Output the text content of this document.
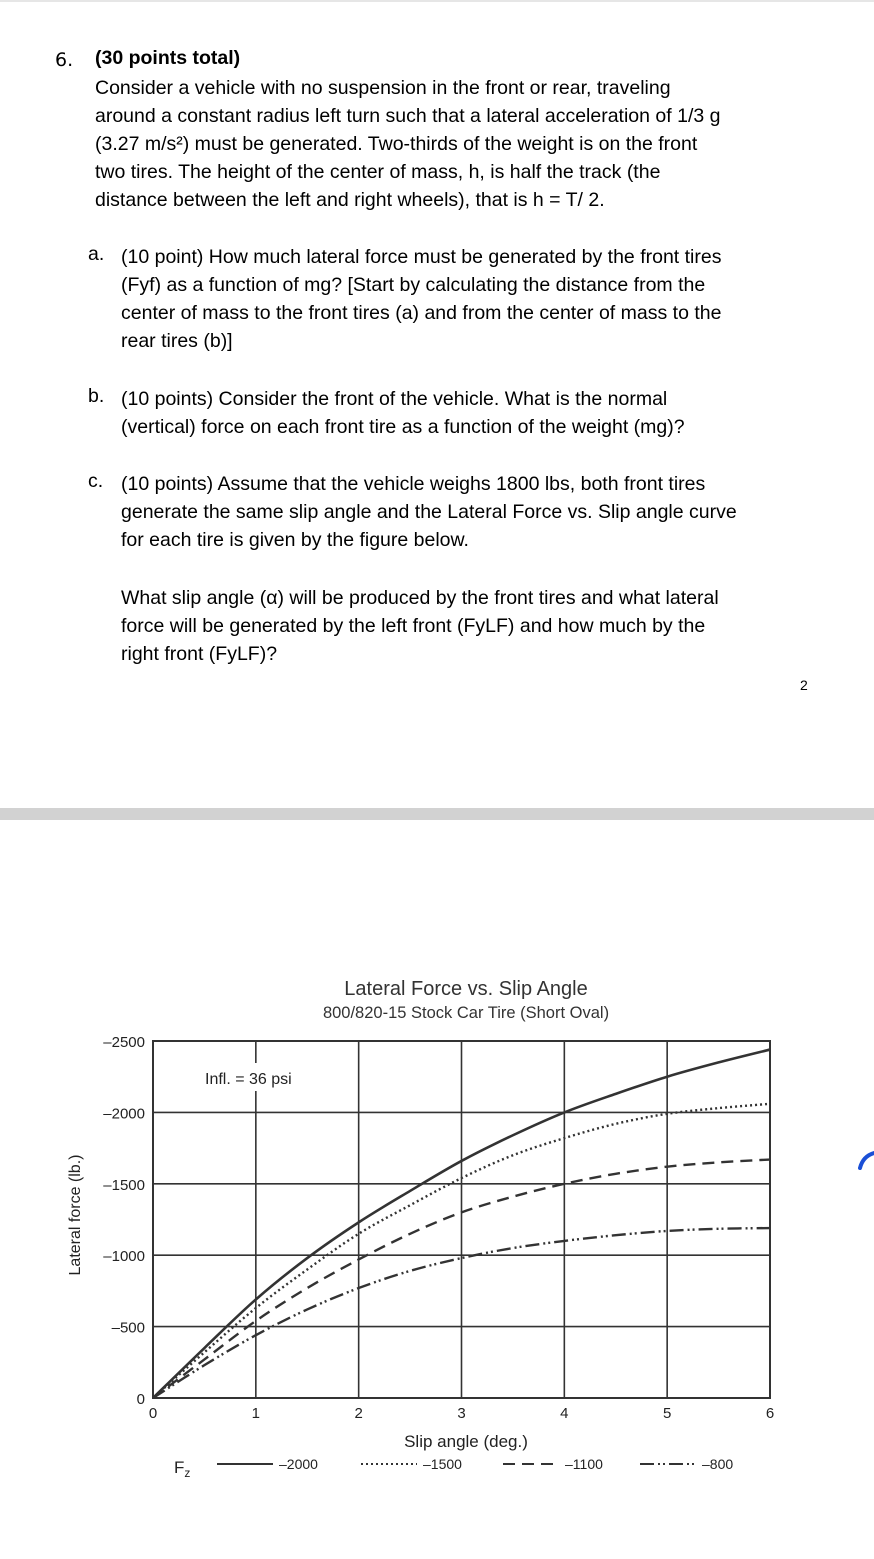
6. (30 points total)
Consider a vehicle with no suspension in the front or rear, traveling
around a constant radius left turn such that a lateral acceleration of 1/3 g
(3.27 m/s²) must be generated. Two-thirds of the weight is on the front
two tires. The height of the center of mass, h, is half the track (the
distance between the left and right wheels), that is h = T/ 2.
a. (10 point) How much lateral force must be generated by the front tires
(Fyf) as a function of mg? [Start by calculating the distance from the
center of mass to the front tires (a) and from the center of mass to the
rear tires (b)]
b. (10 points) Consider the front of the vehicle. What is the normal
(vertical) force on each front tire as a function of the weight (mg)?
c. (10 points) Assume that the vehicle weighs 1800 lbs, both front tires
generate the same slip angle and the Lateral Force vs. Slip angle curve
for each tire is given by the figure below.
What slip angle (α) will be produced by the front tires and what lateral
force will be generated by the left front (FyLF) and how much by the
right front (FyLF)?
2
Lateral Force vs. Slip Angle
800/820-15 Stock Car Tire (Short Oval)
Infl. = 36 psi
0	1	2	3	4	5	6
0
–500
–1000
–1500
–2000
–2500
Slip angle (deg.)
Lateral force (lb.)
$F_z$
–2000	–1500	–1100	–800
